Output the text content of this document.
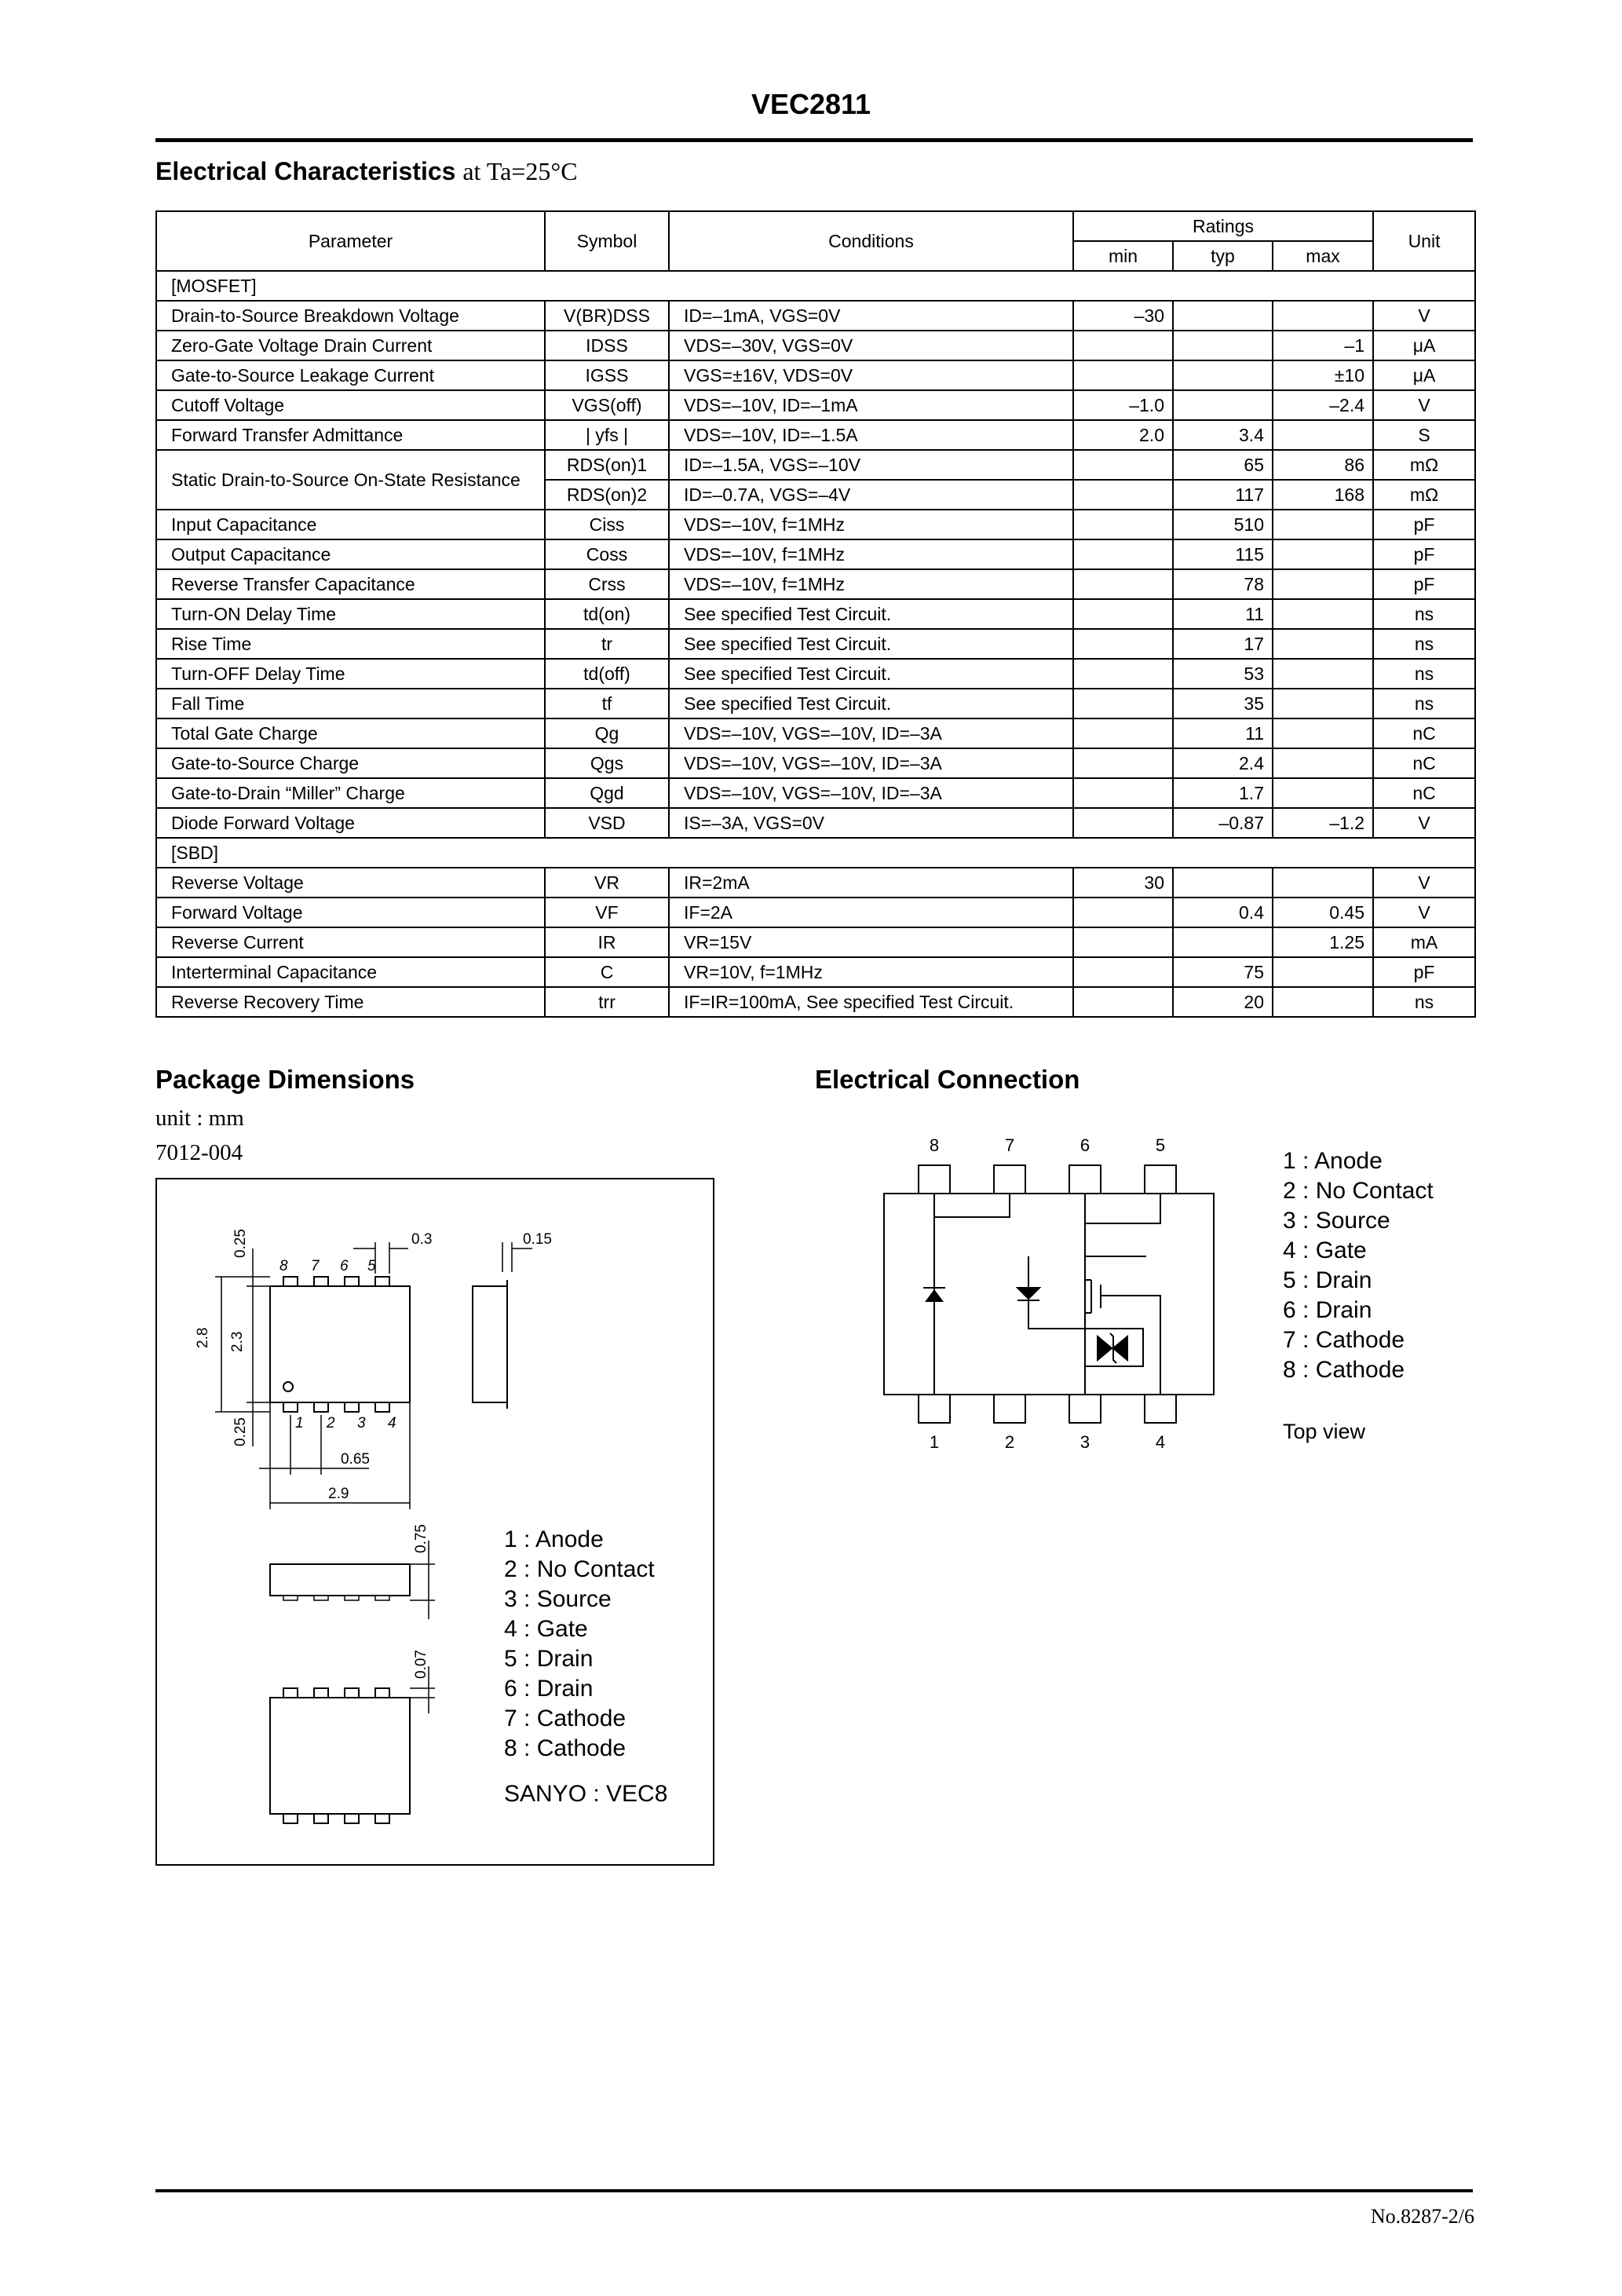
VEC2811
Electrical Characteristics at Ta=25°C
Parameter	Symbol	Conditions	Ratings			Unit
			min	typ	max	
[MOSFET]						
Drain-to-Source Breakdown Voltage	V(BR)DSS	ID=–1mA, VGS=0V	–30			V
Zero-Gate Voltage Drain Current	IDSS	VDS=–30V, VGS=0V			–1	μA
Gate-to-Source Leakage Current	IGSS	VGS=±16V, VDS=0V			±10	μA
Cutoff Voltage	VGS(off)	VDS=–10V, ID=–1mA	–1.0		–2.4	V
Forward Transfer Admittance	| yfs |	VDS=–10V, ID=–1.5A	2.0	3.4		S
Static Drain-to-Source On-State Resistance	RDS(on)1	ID=–1.5A, VGS=–10V		65	86	mΩ
	RDS(on)2	ID=–0.7A, VGS=–4V		117	168	mΩ
Input Capacitance	Ciss	VDS=–10V, f=1MHz		510		pF
Output Capacitance	Coss	VDS=–10V, f=1MHz		115		pF
Reverse Transfer Capacitance	Crss	VDS=–10V, f=1MHz		78		pF
Turn-ON Delay Time	td(on)	See specified Test Circuit.		11		ns
Rise Time	tr	See specified Test Circuit.		17		ns
Turn-OFF Delay Time	td(off)	See specified Test Circuit.		53		ns
Fall Time	tf	See specified Test Circuit.		35		ns
Total Gate Charge	Qg	VDS=–10V, VGS=–10V, ID=–3A		11		nC
Gate-to-Source Charge	Qgs	VDS=–10V, VGS=–10V, ID=–3A		2.4		nC
Gate-to-Drain “Miller” Charge	Qgd	VDS=–10V, VGS=–10V, ID=–3A		1.7		nC
Diode Forward Voltage	VSD	IS=–3A, VGS=0V		–0.87	–1.2	V
[SBD]						
Reverse Voltage	VR	IR=2mA	30			V
Forward Voltage	VF	IF=2A		0.4	0.45	V
Reverse Current	IR	VR=15V			1.25	mA
Interterminal Capacitance	C	VR=10V, f=1MHz		75		pF
Reverse Recovery Time	trr	IF=IR=100mA, See specified Test Circuit.		20		ns
Package Dimensions
unit : mm
7012-004
8 7 6 5
1 2 3 4
2.8 2.3
0.25
0.25
0.65
2.9
0.3	0.15
0.75
0.07
1 : Anode
2 : No Contact
3 : Source
4 : Gate
5 : Drain
6 : Drain
7 : Cathode
8 : Cathode
SANYO : VEC8
Electrical Connection
8	7	6	5
1	2	3	4
1 : Anode
2 : No Contact
3 : Source
4 : Gate
5 : Drain
6 : Drain
7 : Cathode
8 : Cathode
Top view
No.8287-2/6
